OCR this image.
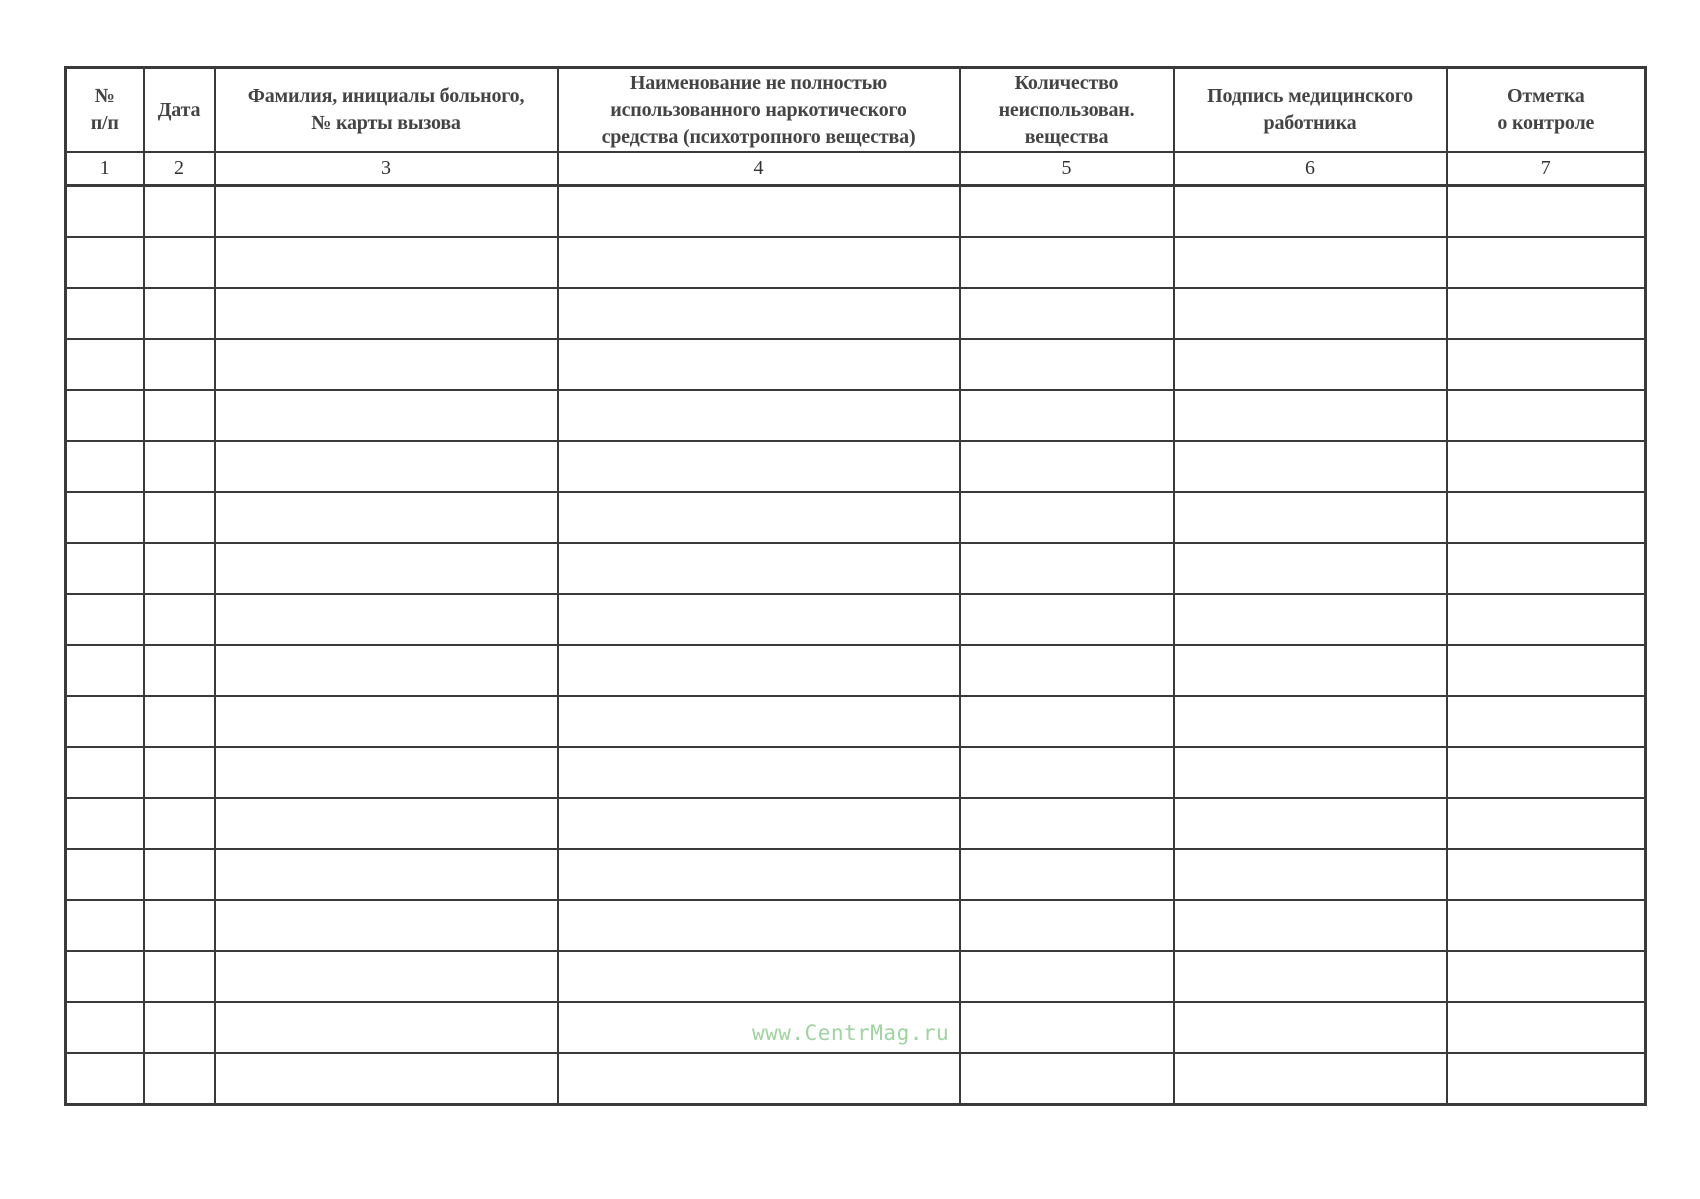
№
п/п	Дата	Фамилия, инициалы больного,
№ карты вызова	Наименование не полностью
использованного наркотического
средства (психотропного вещества)	Количество
неиспользован.
вещества	Подпись медицинского
работника	Отметка
о контроле

1	2	3	4	5	6	7

www.CentrMag.ru
